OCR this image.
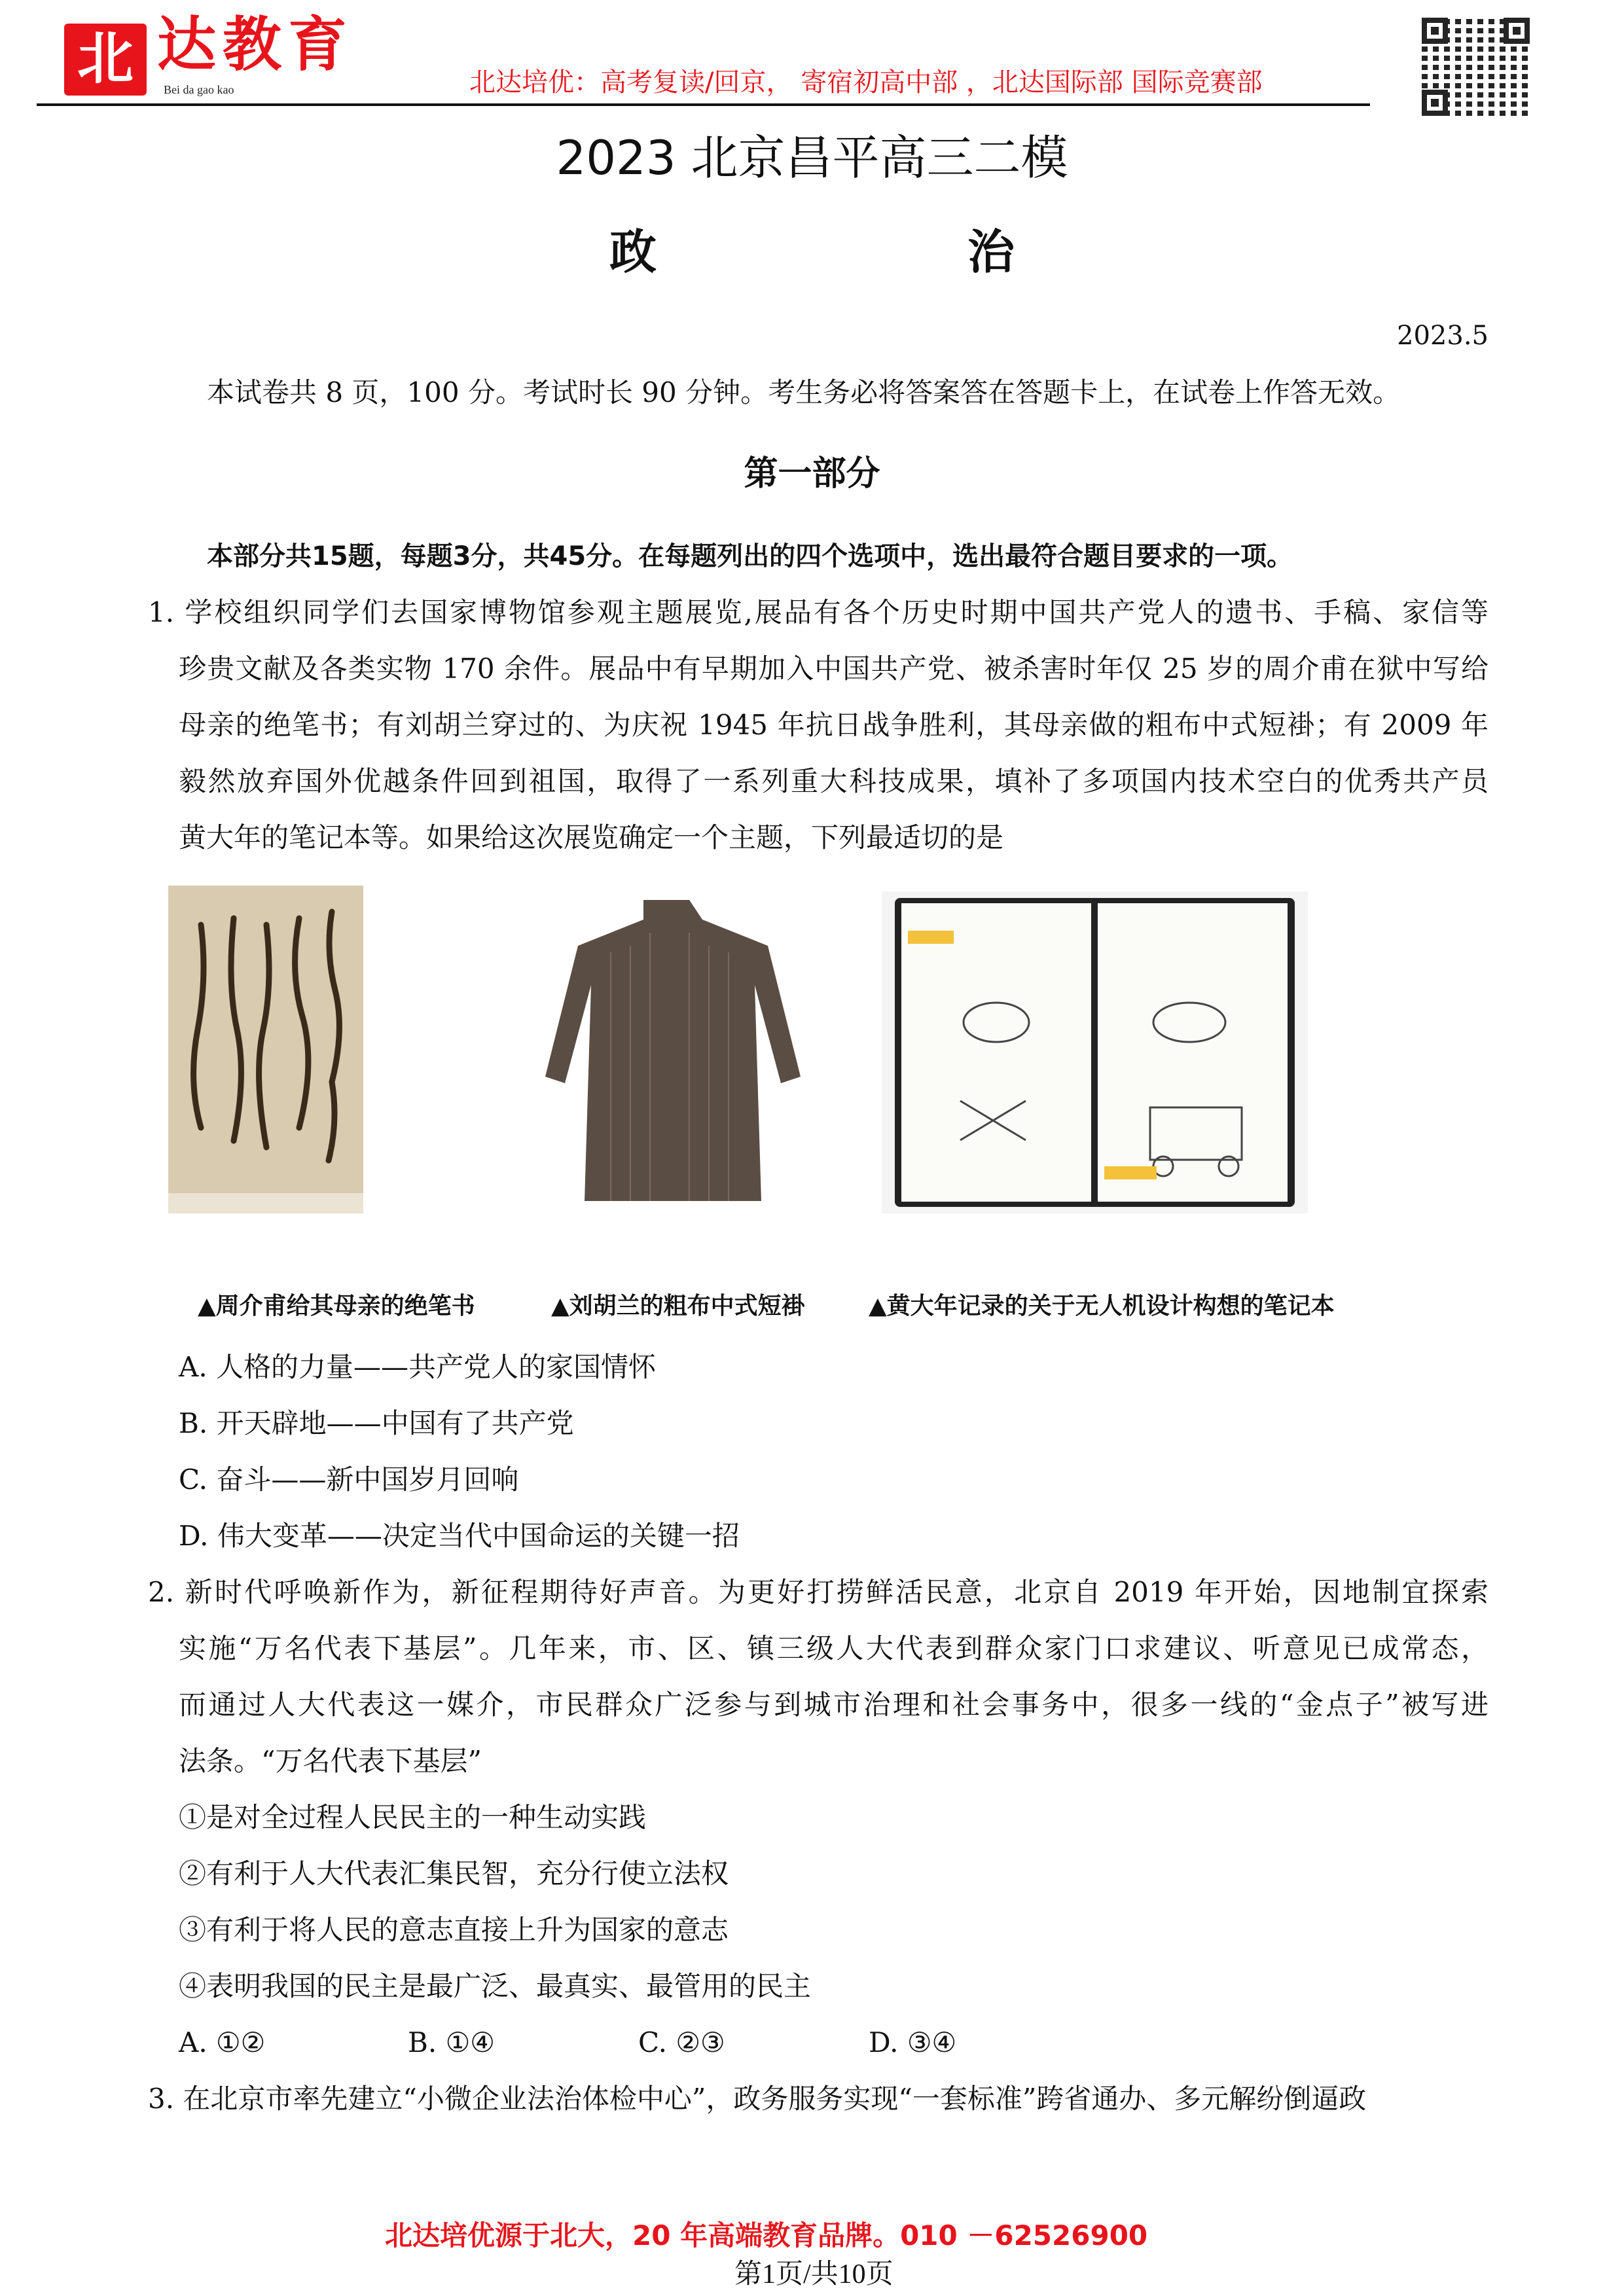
北 达教育
Bei da gao kao	北达培优：高考复读/回京， 寄宿初高中部 ，北达国际部 国际竞赛部
2023 北京昌平高三二模
政 治
2023.5
本试卷共 8 页，100 分。考试时长 90 分钟。考生务必将答案答在答题卡上，在试卷上作答无效。
第一部分
本部分共15题，每题3分，共45分。在每题列出的四个选项中，选出最符合题目要求的一项。
1. 学校组织同学们去国家博物馆参观主题展览,展品有各个历史时期中国共产党人的遗书、手稿、家信等
珍贵文献及各类实物 170 余件。展品中有早期加入中国共产党、被杀害时年仅 25 岁的周介甫在狱中写给
母亲的绝笔书；有刘胡兰穿过的、为庆祝 1945 年抗日战争胜利，其母亲做的粗布中式短褂；有 2009 年
毅然放弃国外优越条件回到祖国，取得了一系列重大科技成果，填补了多项国内技术空白的优秀共产员
黄大年的笔记本等。如果给这次展览确定一个主题，下列最适切的是
▲周介甫给其母亲的绝笔书	▲刘胡兰的粗布中式短褂	▲黄大年记录的关于无人机设计构想的笔记本
A. 人格的力量——共产党人的家国情怀
B. 开天辟地——中国有了共产党
C. 奋斗——新中国岁月回响
D. 伟大变革——决定当代中国命运的关键一招
2. 新时代呼唤新作为，新征程期待好声音。为更好打捞鲜活民意，北京自 2019 年开始，因地制宜探索
实施“万名代表下基层”。几年来，市、区、镇三级人大代表到群众家门口求建议、听意见已成常态，
而通过人大代表这一媒介，市民群众广泛参与到城市治理和社会事务中，很多一线的“金点子”被写进
法条。“万名代表下基层”
①是对全过程人民民主的一种生动实践
②有利于人大代表汇集民智，充分行使立法权
③有利于将人民的意志直接上升为国家的意志
④表明我国的民主是最广泛、最真实、最管用的民主
A. ①②	B. ①④	C. ②③	D. ③④
3. 在北京市率先建立“小微企业法治体检中心”，政务服务实现“一套标准”跨省通办、多元解纷倒逼政
北达培优源于北大，20 年高端教育品牌。010 －62526900
第1页/共10页
